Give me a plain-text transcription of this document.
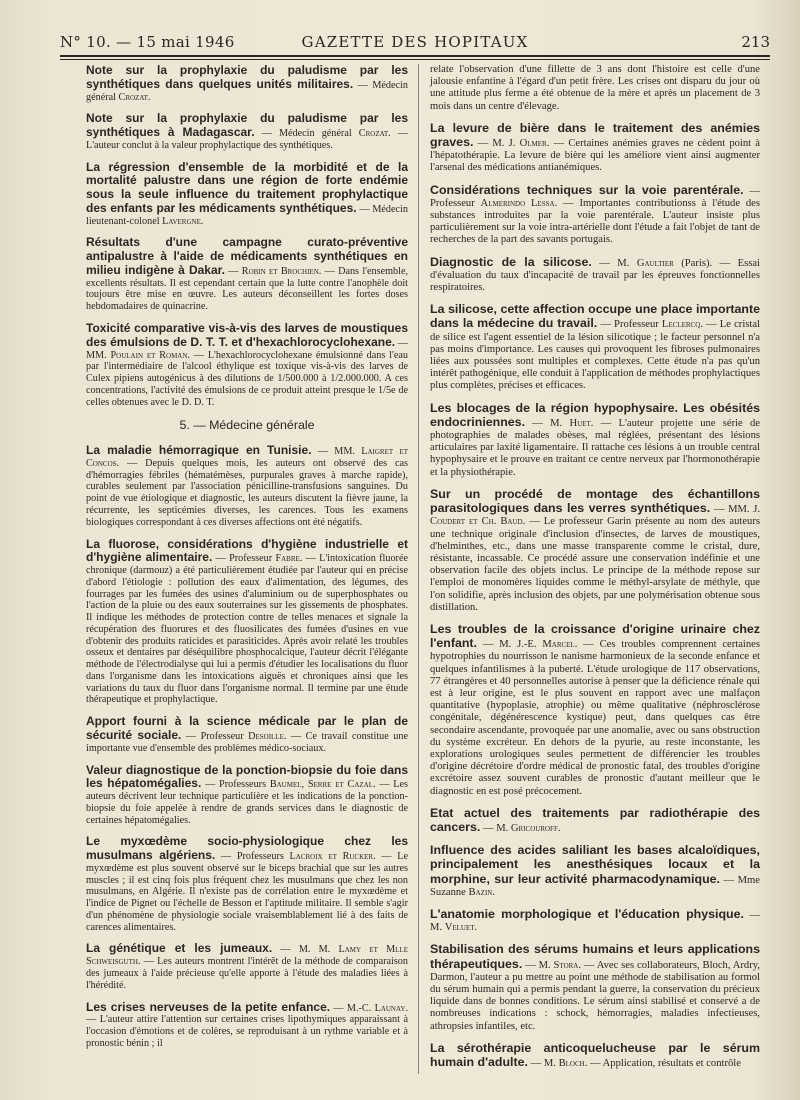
N° 10. — 15 mai 1946	GAZETTE DES HOPITAUX	213

Note sur la prophylaxie du paludisme par les synthétiques dans quelques unités militaires. — Médecin général Crozat.

Note sur la prophylaxie du paludisme par les synthétiques à Madagascar. — Médecin général Crozat. — L'auteur conclut à la valeur prophylactique des synthétiques.

La régression d'ensemble de la morbidité et de la mortalité palustre dans une région de forte endémie sous la seule influence du traitement prophylactique des enfants par les médicaments synthétiques. — Médecin lieutenant-colonel Lavergne.

Résultats d'une campagne curato-préventive antipalustre à l'aide de médicaments synthétiques en milieu indigène à Dakar. — Robin et Brochien. — Dans l'ensemble, excellents résultats. Il est cependant certain que la lutte contre l'anophèle doit toujours être mise en œuvre. Les auteurs déconseillent les fortes doses hebdomadaires de quinacrine.

Toxicité comparative vis-à-vis des larves de moustiques des émulsions de D. T. T. et d'hexachlorocyclohexane. — MM. Poulain et Roman. — L'hexachlorocyclohexane émulsionné dans l'eau par l'intermédiaire de l'alcool éthylique est toxique vis-à-vis des larves de Culex pipiens autogénicus à des dilutions de 1/500.000 à 1/2.000.000. A ces concentrations, l'activité des émulsions de ce produit atteint presque le 1/5e de celles obtenues avec le D. D. T.

5. — Médecine générale

La maladie hémorragique en Tunisie. — MM. Laigret et Concos. — Depuis quelques mois, les auteurs ont observé des cas d'hémorragies fébriles (hématémèses, purpurales graves à marche rapide), curables seulement par l'association pénicilline-transfusions sanguines. Du point de vue étiologique et diagnostic, les auteurs discutent la fièvre jaune, la récurrente, les septicémies diverses, les carences. Tous les examens biologiques correspondant à ces diverses affections ont été négatifs.

La fluorose, considérations d'hygiène industrielle et d'hygiène alimentaire. — Professeur Fabre. — L'intoxication fluorée chronique (darmouz) a été particulièrement étudiée par l'auteur qui en précise d'abord l'étiologie : pollution des eaux d'alimentation, des légumes, des fourrages par les fumées des usines d'aluminium ou de superphosphates ou l'action de la pluie ou des eaux souterraines sur les gissements de phosphates. Il indique les méthodes de protection contre de telles menaces et signale la récupération des fluorures et des fluosilicates des fumées d'usines en vue d'obtenir des produits raticides et parasiticides. Après avoir relaté les troubles osseux et dentaires par déséquilibre phosphocalcique, l'auteur décrit l'élégante méthode de l'électrodialyse qui lui a permis d'étudier les localisations du fluor dans l'organisme dans les intoxications aiguës et chroniques ainsi que les variations du taux du fluor dans l'organisme normal. Il termine par une étude thérapeutique et prophylactique.

Apport fourni à la science médicale par le plan de sécurité sociale. — Professeur Desoille. — Ce travail constitue une importante vue d'ensemble des problèmes médico-sociaux.

Valeur diagnostique de la ponction-biopsie du foie dans les hépatomégalies. — Professeurs Baumel, Serre et Cazal. — Les auteurs décrivent leur technique particulière et les indications de la ponction-biopsie du foie appelée à rendre de grands services dans le diagnostic de certaines hépatomégalies.

Le myxœdème socio-physiologique chez les musulmans algériens. — Professeurs Lacroix et Rucker. — Le myxœdème est plus souvent observé sur le biceps brachial que sur les autres muscles ; il est cinq fois plus fréquent chez les musulmans que chez les non musulmans, en Algérie. Il n'existe pas de corrélation entre le myxœdème et l'indice de Pignet ou l'échelle de Besson et l'aptitude militaire. Il semble s'agir d'un phénomène de physiologie sociale vraisemblablement lié à des faits de carences alimentaires.

La génétique et les jumeaux. — M. M. Lamy et Mlle Schweisguth. — Les auteurs montrent l'intérêt de la méthode de comparaison des jumeaux à l'aide précieuse qu'elle apporte à l'étude des maladies liées à l'hérédité.

Les crises nerveuses de la petite enfance. — M.-C. Launay. — L'auteur attire l'attention sur certaines crises lipothymiques apparaissant à l'occasion d'émotions et de colères, se reproduisant à un rythme variable et à pronostic bénin ; il

relate l'observation d'une fillette de 3 ans dont l'histoire est celle d'une jalousie enfantine à l'égard d'un petit frère. Les crises ont disparu du jour où une attitude plus ferme a été obtenue de la mère et après un placement de 3 mois dans un centre d'élevage.

La levure de bière dans le traitement des anémies graves. — M. J. Olmer. — Certaines anémies graves ne cèdent point à l'hépatothérapie. La levure de bière qui les améliore vient ainsi augmenter l'arsenal des médications antianémiques.

Considérations techniques sur la voie parentérale. — Professeur Almerindo Lessa. — Importantes contributionss à l'étude des substances introduites par la voie parentérale. L'auteur insiste plus particulièrement sur la voie intra-artérielle dont l'étude a fait l'objet de tant de recherches de la part des savants portugais.

Diagnostic de la silicose. — M. Gaultier (Paris). — Essai d'évaluation du taux d'incapacité de travail par les épreuves fonctionnelles respiratoires.

La silicose, cette affection occupe une place importante dans la médecine du travail. — Professeur Leclercq. — Le cristal de silice est l'agent essentiel de la lésion silicotique ; le facteur personnel n'a pas moins d'importance. Les causes qui provoquent les fibroses pulmonaires liées aux poussées sont multiples et complexes. Cette étude n'a pas qu'un intérêt pathogénique, elle conduit à l'application de méthodes prophylactiques plus complètes, précises et efficaces.

Les blocages de la région hypophysaire. Les obésités endocriniennes. — M. Huet. — L'auteur projette une série de photographies de malades obèses, mal réglées, présentant des lésions articulaires par laxité ligamentaire. Il rattache ces lésions à un trouble central hypophysaire et le prouve en traitant ce centre nerveux par l'hormonothérapie et la physiothérapie.

Sur un procédé de montage des échantillons parasitologiques dans les verres synthétiques. — MM. J. Coudert et Ch. Baud. — Le professeur Garin présente au nom des auteurs une technique originale d'inclusion d'insectes, de larves de moustiques, d'helminthes, etc., dans une masse transparente comme le cristal, dure, résistante, incassable. Ce procédé assure une conservation indéfinie et une observation facile des objets inclus. Le principe de la méthode repose sur l'emploi de monomères liquides comme le méthyl-arsylate de méthyle, que l'on solidifie, après inclusion des objets, par une polymérisation obtenue sous distillation.

Les troubles de la croissance d'origine urinaire chez l'enfant. — M. J.-E. Marcel. — Ces troubles comprennent certaines hypotrophies du nourrisson le nanisme harmonieux de la seconde enfance et quelques infantilismes à la puberté. L'étude urologique de 117 observations, 77 étrangères et 40 personnelles autorise à penser que la déficience rénale qui est à leur origine, est le plus souvent en rapport avec une malfaçon quantitative (hypoplasie, atrophie) ou même qualitative (néphrosclérose congénitale, dégénérescence kystique) peut, dans quelques cas être secondaire ascendante, provoquée par une anomalie, avec ou sans obstruction du système excréteur. En dehors de la pyurie, au reste inconstante, les explorations urologiques seules permettent de différencier les troubles d'origine décrétoire d'ordre médical de pronostic fatal, des troubles d'origine excrétoire assez souvent curables de pronostic d'autant meilleur que le diagnostic en est posé précocement.

Etat actuel des traitements par radiothérapie des cancers. — M. Gricouroff.

Influence des acides saliliant les bases alcaloïdiques, principalement les anesthésiques locaux et la morphine, sur leur activité pharmacodynamique. — Mme Suzanne Bazin.

L'anatomie morphologique et l'éducation physique. — M. Veluet.

Stabilisation des sérums humains et leurs applications thérapeutiques. — M. Stora. — Avec ses collaborateurs, Bloch, Ardry, Darmon, l'auteur a pu mettre au point une méthode de stabilisation au formol du sérum humain qui a permis pendant la guerre, la conservation du précieux liquide dans de bonnes conditions. Le sérum ainsi stabilisé et conservé a de nombreuses indications : schock, hémorragies, maladies infectieuses, athropsies infantiles, etc.

La sérothérapie anticoquelucheuse par le sérum humain d'adulte. — M. Bloch. — Application, résultats et contrôle
